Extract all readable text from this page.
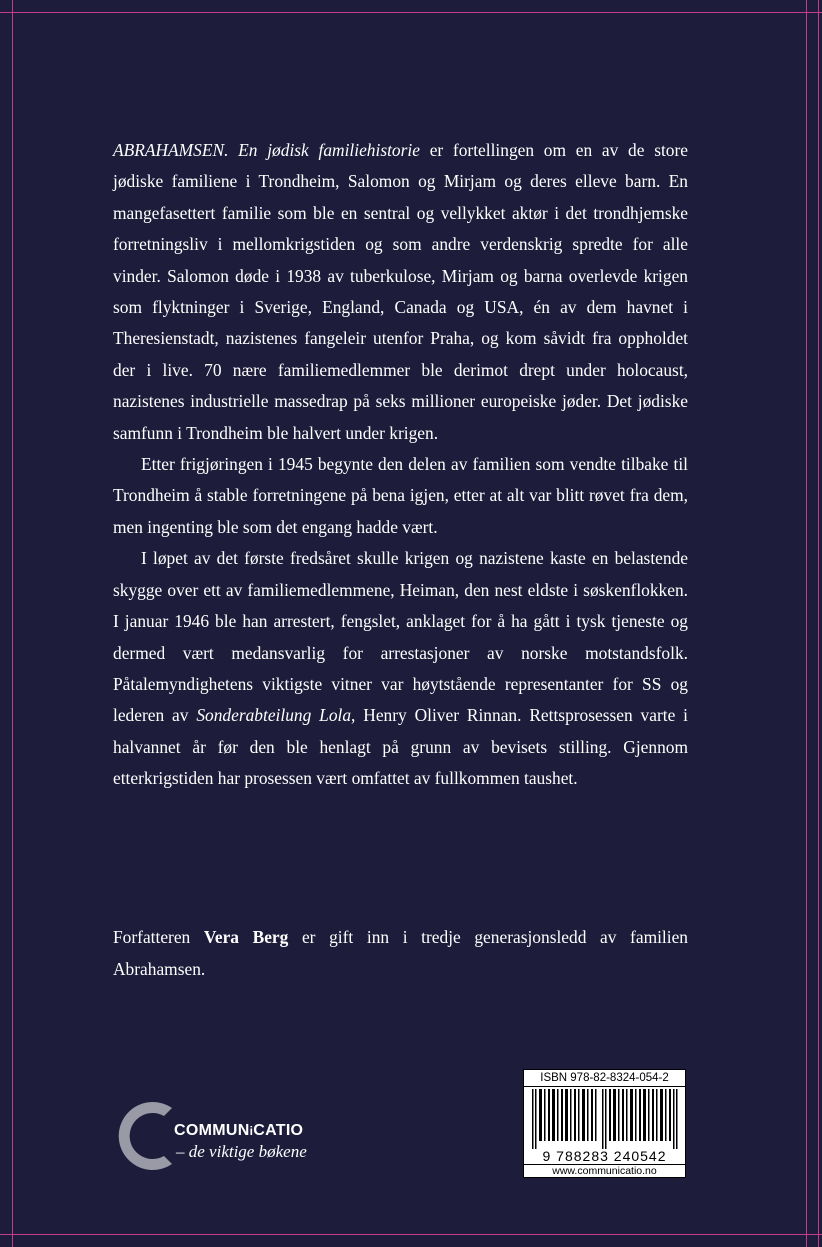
ABRAHAMSEN. En jødisk familiehistorie er fortellingen om en av de store jødiske familiene i Trondheim, Salomon og Mirjam og deres elleve barn. En mangefasettert familie som ble en sentral og vellykket aktør i det trondhjemske forretningsliv i mellomkrigstiden og som andre verdenskrig spredte for alle vinder. Salomon døde i 1938 av tuberkulose, Mirjam og barna overlevde krigen som flyktninger i Sverige, England, Canada og USA, én av dem havnet i Theresienstadt, nazistenes fangeleir utenfor Praha, og kom såvidt fra oppholdet der i live. 70 nære familiemedlemmer ble derimot drept under holocaust, nazistenes industrielle massedrap på seks millioner europeiske jøder. Det jødiske samfunn i Trondheim ble halvert under krigen.

Etter frigjøringen i 1945 begynte den delen av familien som vendte tilbake til Trondheim å stable forretningene på bena igjen, etter at alt var blitt røvet fra dem, men ingenting ble som det engang hadde vært.

I løpet av det første fredsåret skulle krigen og nazistene kaste en belastende skygge over ett av familiemedlemmene, Heiman, den nest eldste i søskenflokken. I januar 1946 ble han arrestert, fengslet, anklaget for å ha gått i tysk tjeneste og dermed vært medansvarlig for arrestasjoner av norske motstandsfolk. Påtalemyndighetens viktigste vitner var høytstående representanter for SS og lederen av Sonderabteilung Lola, Henry Oliver Rinnan. Rettsprosessen varte i halvannet år før den ble henlagt på grunn av bevisets stilling. Gjennom etterkrigstiden har prosessen vært omfattet av fullkommen taushet.

Forfatteren Vera Berg er gift inn i tredje generasjonsledd av familien Abrahamsen.

COMMUNiCATIO
– de viktige bøkene
ISBN 978-82-8324-054-2
9 788283 240542
www.communicatio.no
